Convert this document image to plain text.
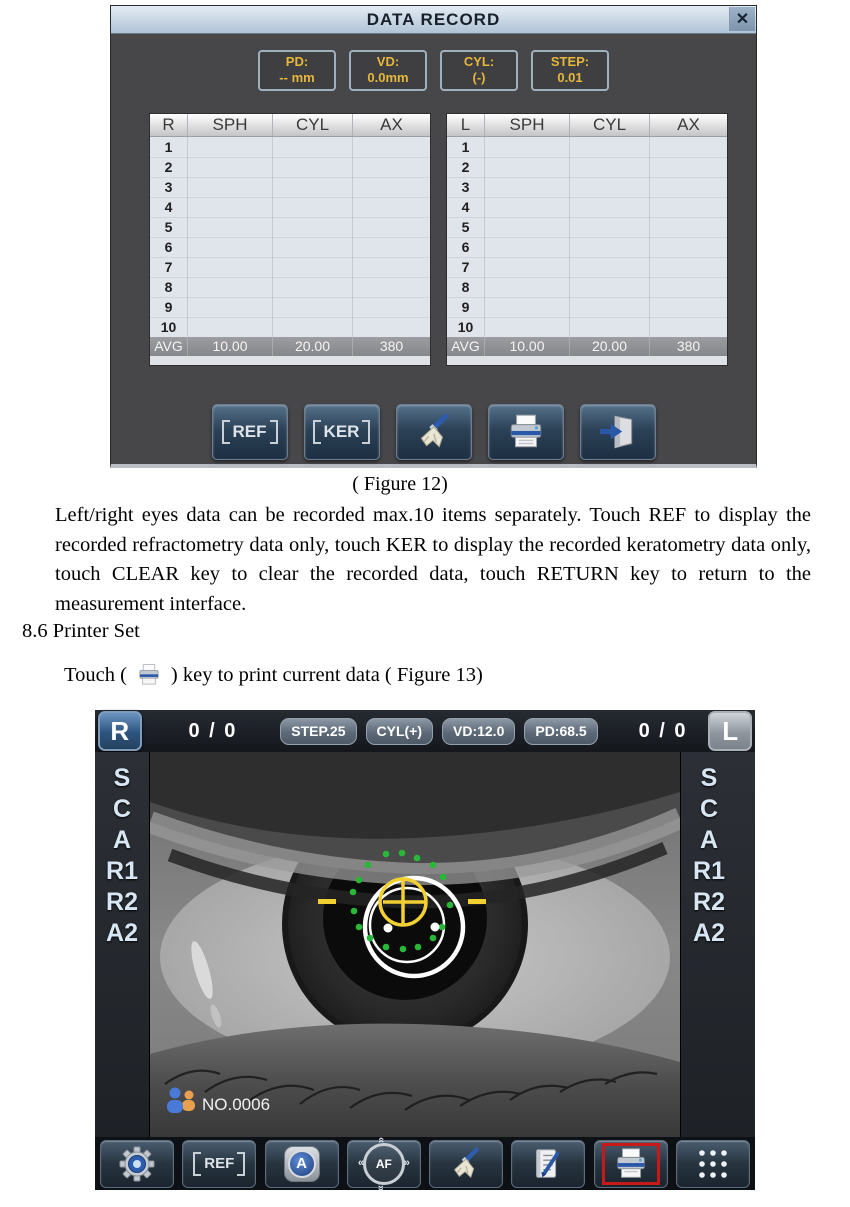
DATA RECORD	✕
PD:
-- mm
VD:
0.0mm
CYL:
(-)
STEP:
0.01
R	SPH	CYL	AX
1
2
3
4
5
6
7
8
9
10
AVG	10.00	20.00	380
L	SPH	CYL	AX
1
2
3
4
5
6
7
8
9
10
AVG	10.00	20.00	380
REF	KER
( Figure 12)
Left/right eyes data can be recorded max.10 items separately. Touch REF to display the recorded refractometry data only, touch KER to display the recorded keratometry data only, touch CLEAR key to clear the recorded data, touch RETURN key to return to the measurement interface.
8.6 Printer Set
Touch ( ) key to print current data ( Figure 13)
R	0 / 0	STEP.25	CYL(+)	VD:12.0	PD:68.5	0 / 0	L
S
C
A
R1
R2
A2
NO.0006
S
C
A
R1
R2
A2
REF	A	AF
«	»
«
«
